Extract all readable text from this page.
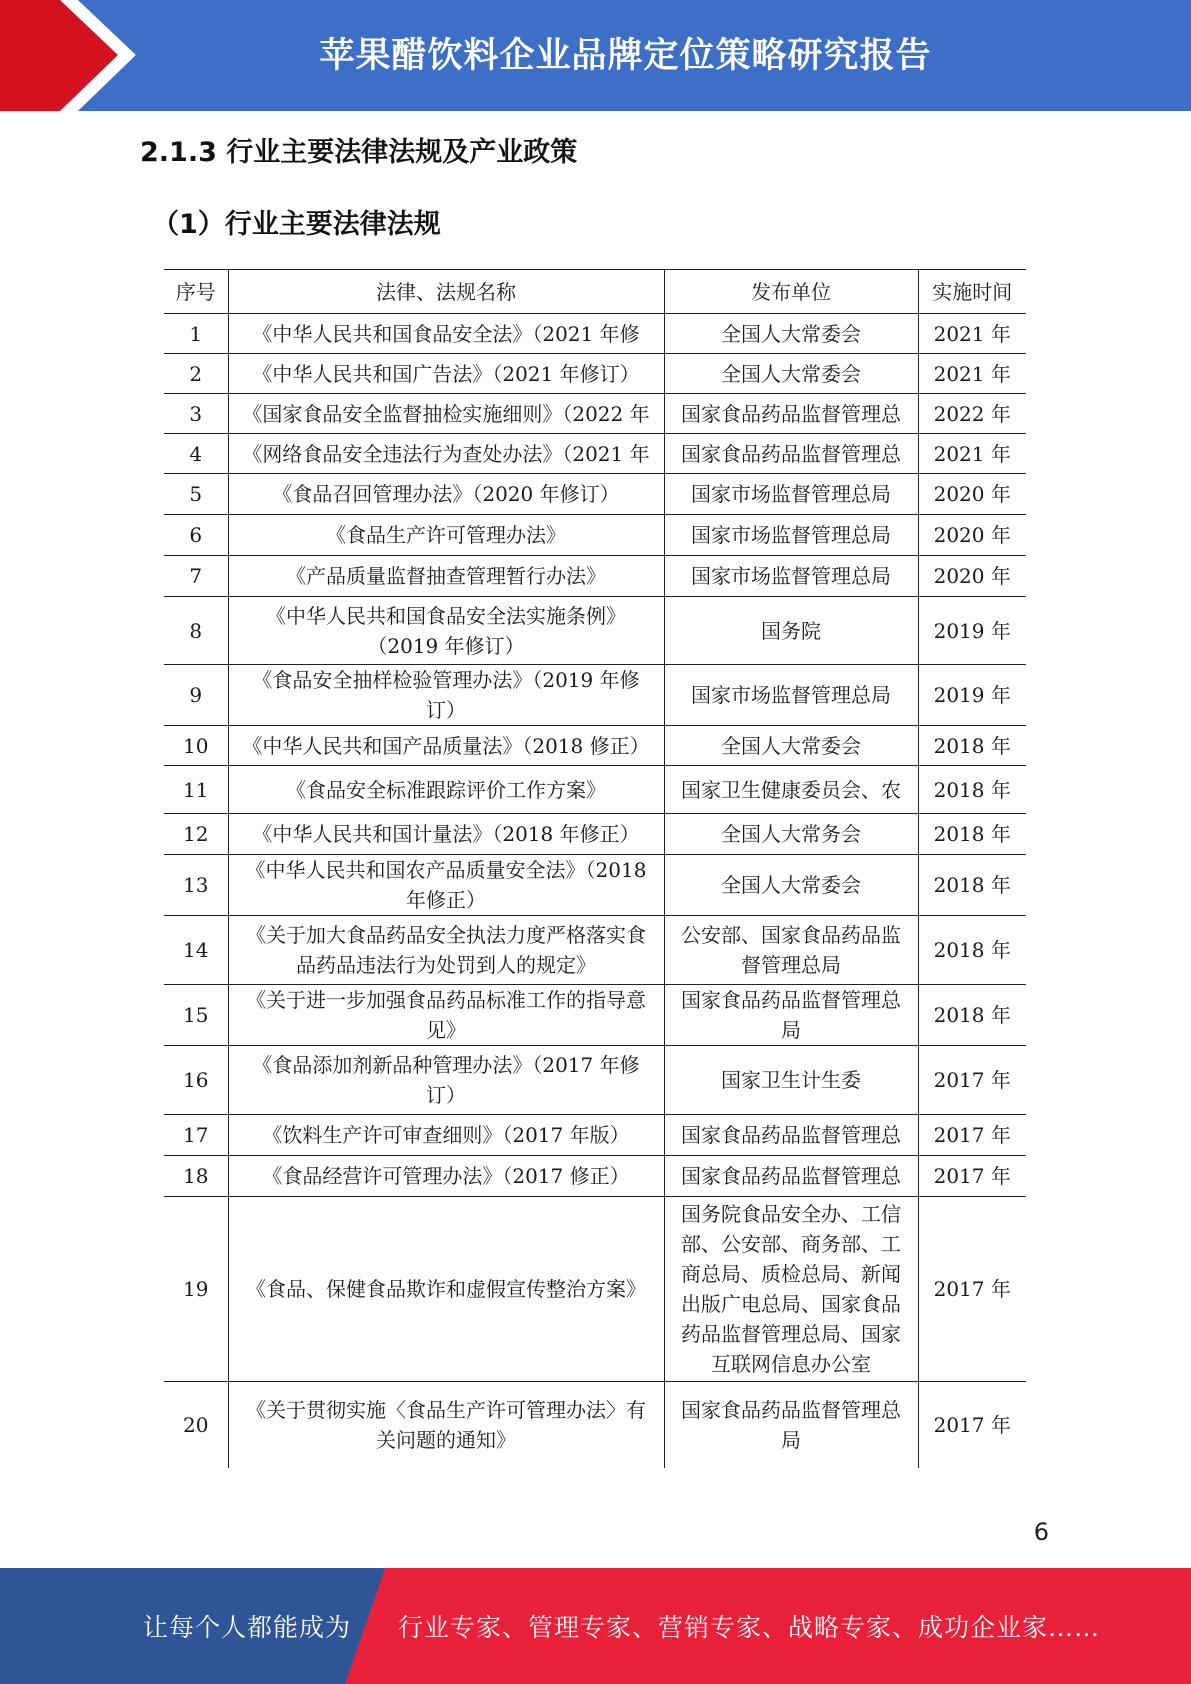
苹果醋饮料企业品牌定位策略研究报告
2.1.3 行业主要法律法规及产业政策
（1）行业主要法律法规
序号	法律、法规名称	发布单位	实施时间

1	《中华人民共和国食品安全法》（2021 年修	全国人大常委会	2021 年

2	《中华人民共和国广告法》（2021 年修订）	全国人大常委会	2021 年

3	《国家食品安全监督抽检实施细则》（2022 年	国家食品药品监督管理总	2022 年

4	《网络食品安全违法行为查处办法》（2021 年	国家食品药品监督管理总	2021 年

5	《食品召回管理办法》（2020 年修订）	国家市场监督管理总局	2020 年

6	《食品生产许可管理办法》	国家市场监督管理总局	2020 年

7	《产品质量监督抽查管理暂行办法》	国家市场监督管理总局	2020 年

8	《中华人民共和国食品安全法实施条例》（2019 年修订）	国务院	2019 年

9	《食品安全抽样检验管理办法》（2019 年修订）	国家市场监督管理总局	2019 年

10	《中华人民共和国产品质量法》（2018 修正）	全国人大常委会	2018 年

11	《食品安全标准跟踪评价工作方案》	国家卫生健康委员会、农	2018 年

12	《中华人民共和国计量法》（2018 年修正）	全国人大常务会	2018 年

13	《中华人民共和国农产品质量安全法》（2018 年修正）	全国人大常委会	2018 年

14	《关于加大食品药品安全执法力度严格落实食品药品违法行为处罚到人的规定》	公安部、国家食品药品监督管理总局	2018 年

15	《关于进一步加强食品药品标准工作的指导意见》	国家食品药品监督管理总局	2018 年

16	《食品添加剂新品种管理办法》（2017 年修订）	国家卫生计生委	2017 年

17	《饮料生产许可审查细则》（2017 年版）	国家食品药品监督管理总	2017 年

18	《食品经营许可管理办法》（2017 修正）	国家食品药品监督管理总	2017 年

19	《食品、保健食品欺诈和虚假宣传整治方案》	国务院食品安全办、工信部、公安部、商务部、工商总局、质检总局、新闻出版广电总局、国家食品药品监督管理总局、国家互联网信息办公室	2017 年

20	《关于贯彻实施〈食品生产许可管理办法〉有关问题的通知》	国家食品药品监督管理总局	2017 年
6
让每个人都能成为 行业专家、管理专家、营销专家、战略专家、成功企业家……
